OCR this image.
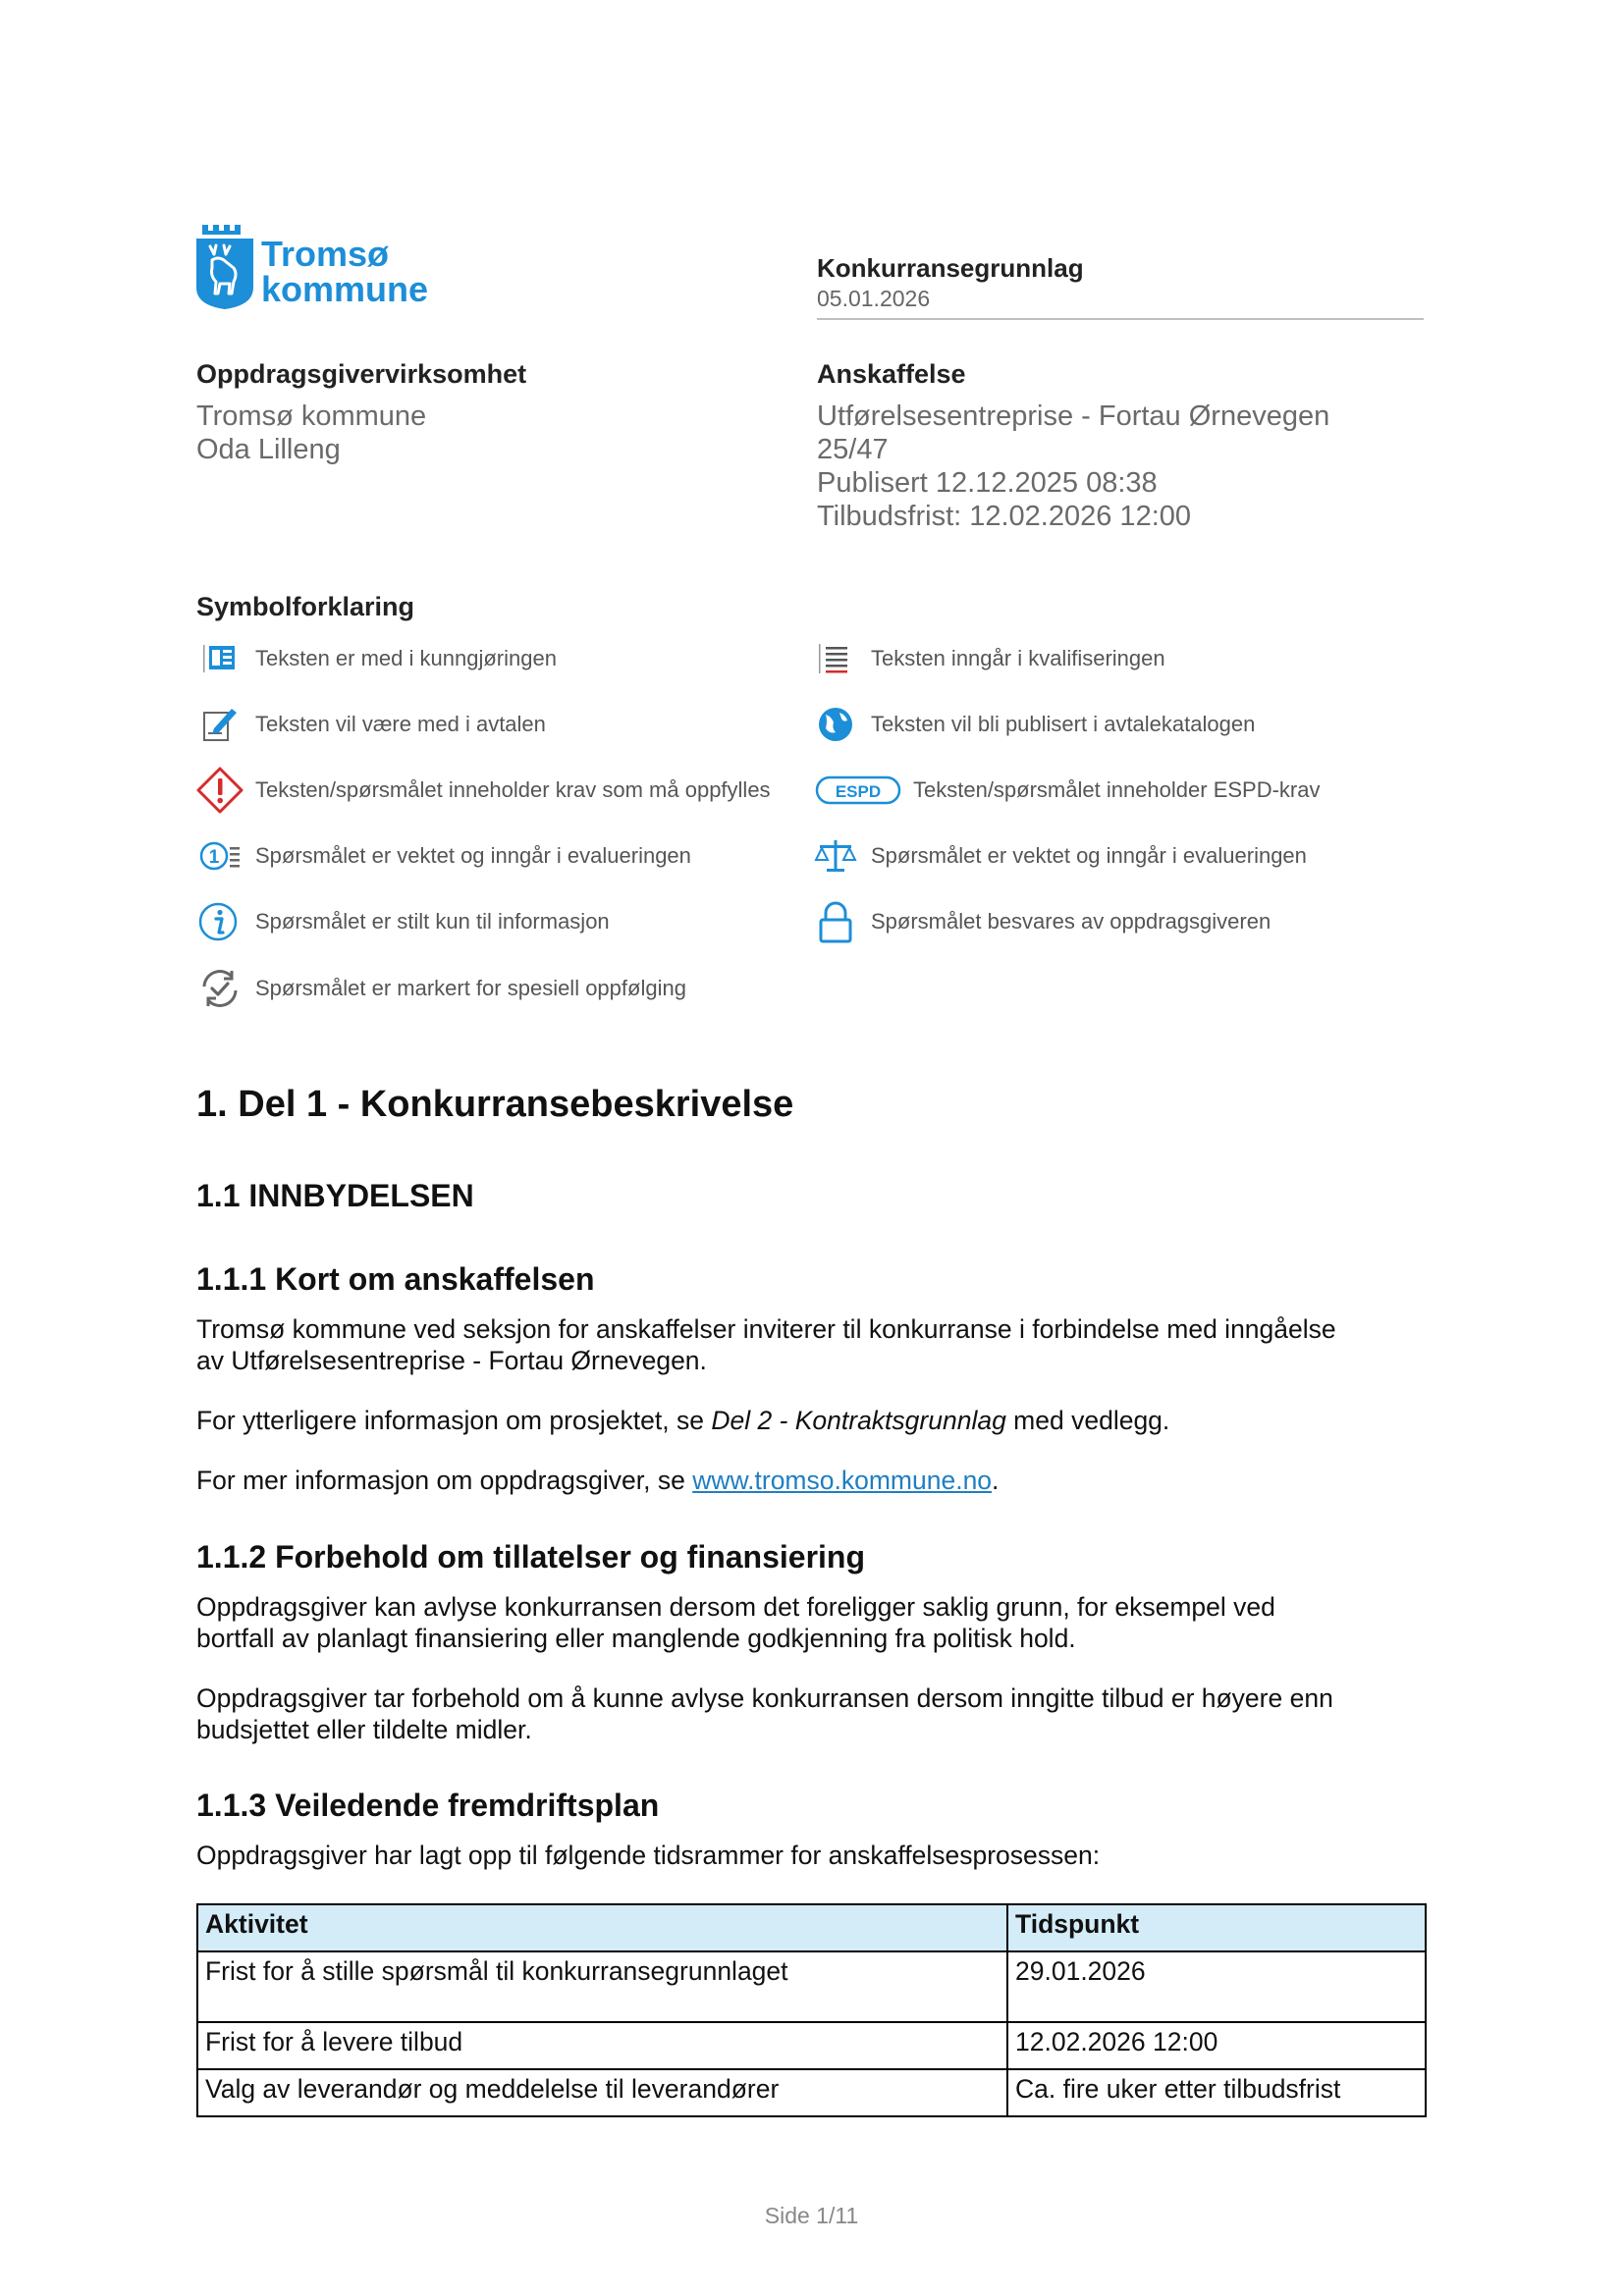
Tromsø
kommune
Konkurransegrunnlag
05.01.2026
Oppdragsgivervirksomhet
Tromsø kommune
Oda Lilleng
Anskaffelse
Utførelsesentreprise - Fortau Ørnevegen
25/47
Publisert 12.12.2025 08:38
Tilbudsfrist: 12.02.2026 12:00
Symbolforklaring
Teksten er med i kunngjøringen	Teksten inngår i kvalifiseringen
Teksten vil være med i avtalen	Teksten vil bli publisert i avtalekatalogen
Teksten/spørsmålet inneholder krav som må oppfylles	ESPD Teksten/spørsmålet inneholder ESPD-krav
1 Spørsmålet er vektet og inngår i evalueringen	Spørsmålet er vektet og inngår i evalueringen
Spørsmålet er stilt kun til informasjon	Spørsmålet besvares av oppdragsgiveren
Spørsmålet er markert for spesiell oppfølging
1. Del 1 - Konkurransebeskrivelse
1.1 INNBYDELSEN
1.1.1 Kort om anskaffelsen
Tromsø kommune ved seksjon for anskaffelser inviterer til konkurranse i forbindelse med inngåelse
av Utførelsesentreprise - Fortau Ørnevegen.
For ytterligere informasjon om prosjektet, se Del 2 - Kontraktsgrunnlag med vedlegg.
For mer informasjon om oppdragsgiver, se www.tromso.kommune.no.
1.1.2 Forbehold om tillatelser og finansiering
Oppdragsgiver kan avlyse konkurransen dersom det foreligger saklig grunn, for eksempel ved
bortfall av planlagt finansiering eller manglende godkjenning fra politisk hold.
Oppdragsgiver tar forbehold om å kunne avlyse konkurransen dersom inngitte tilbud er høyere enn
budsjettet eller tildelte midler.
1.1.3 Veiledende fremdriftsplan
Oppdragsgiver har lagt opp til følgende tidsrammer for anskaffelsesprosessen:
Aktivitet	Tidspunkt
Frist for å stille spørsmål til konkurransegrunnlaget	29.01.2026
Frist for å levere tilbud	12.02.2026 12:00
Valg av leverandør og meddelelse til leverandører	Ca. fire uker etter tilbudsfrist
Side 1/11
